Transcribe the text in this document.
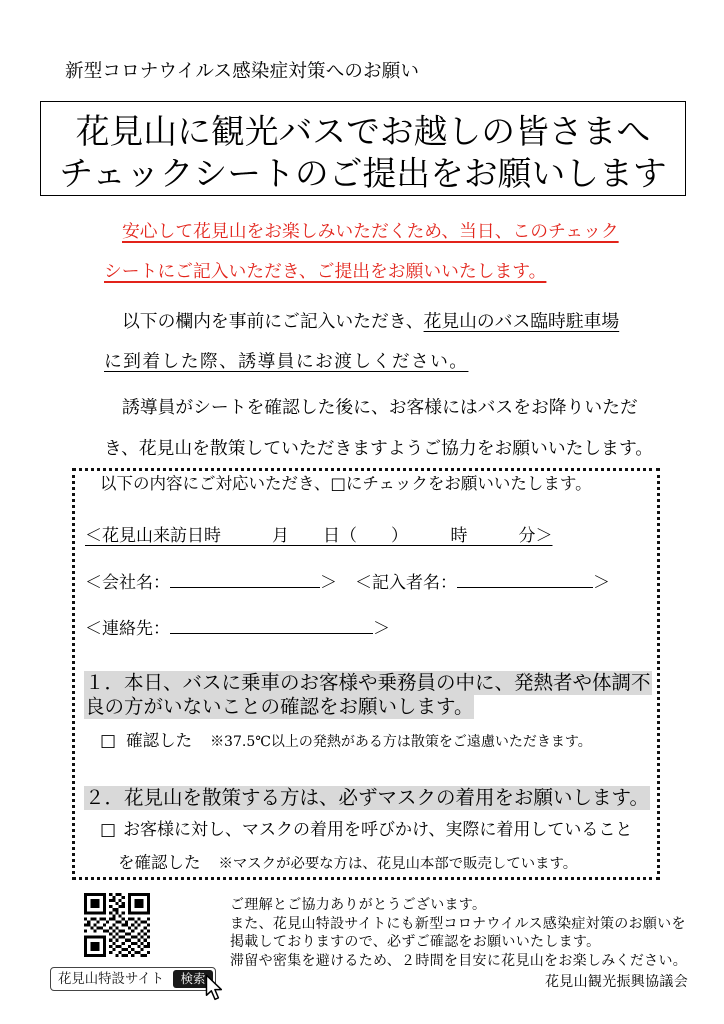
新型コロナウイルス感染症対策へのお願い
花見山に観光バスでお越しの皆さまへ
チェックシートのご提出をお願いします
安心して花見山をお楽しみいただくため、当日、このチェック
シートにご記入いただき、ご提出をお願いいたします。
以下の欄内を事前にご記入いただき、花見山のバス臨時駐車場
に到着した際、誘導員にお渡しください。
誘導員がシートを確認した後に、お客様にはバスをお降りいただ
き、花見山を散策していただきますようご協力をお願いいたします。
以下の内容にご対応いただき、□にチェックをお願いいたします。
＜花見山来訪日時　　　月　　日（　　）　　　時　　　分＞
＜会社名：	＞ ＜記入者名：	＞
＜連絡先：	＞
１．本日、バスに乗車のお客様や乗務員の中に、発熱者や体調不
良の方がいないことの確認をお願いします。
□ 確認した ※37.5℃以上の発熱がある方は散策をご遠慮いただきます。
２．花見山を散策する方は、必ずマスクの着用をお願いします。
□ お客様に対し、マスクの着用を呼びかけ、実際に着用していること
を確認した ※マスクが必要な方は、花見山本部で販売しています。
花見山特設サイト	検索
ご理解とご協力ありがとうございます。
また、花見山特設サイトにも新型コロナウイルス感染症対策のお願いを
掲載しておりますので、必ずご確認をお願いいたします。
滞留や密集を避けるため、２時間を目安に花見山をお楽しみください。
花見山観光振興協議会
